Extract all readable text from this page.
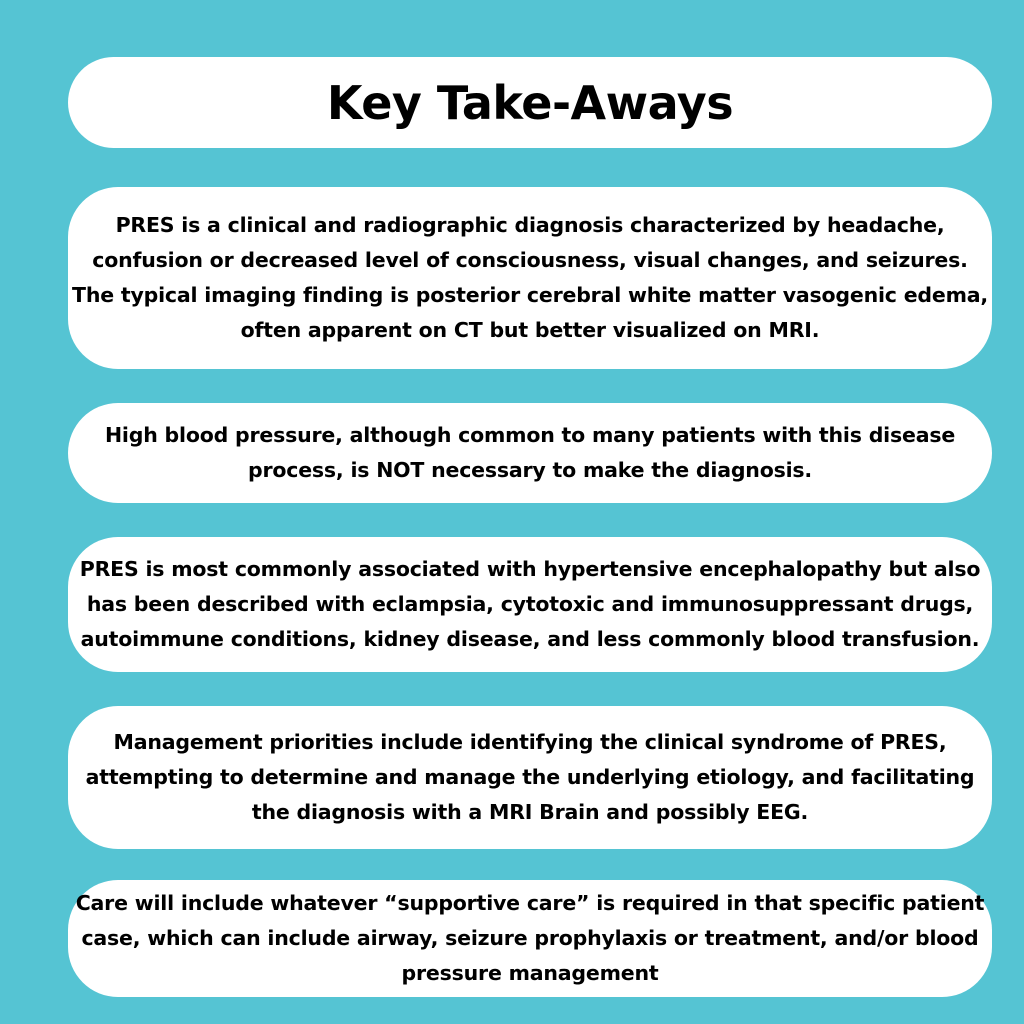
Key Take-Aways

PRES is a clinical and radiographic diagnosis characterized by headache, confusion or decreased level of consciousness, visual changes, and seizures. The typical imaging finding is posterior cerebral white matter vasogenic edema, often apparent on CT but better visualized on MRI.

High blood pressure, although common to many patients with this disease process, is NOT necessary to make the diagnosis.

PRES is most commonly associated with hypertensive encephalopathy but also has been described with eclampsia, cytotoxic and immunosuppressant drugs, autoimmune conditions, kidney disease, and less commonly blood transfusion.

Management priorities include identifying the clinical syndrome of PRES, attempting to determine and manage the underlying etiology, and facilitating the diagnosis with a MRI Brain and possibly EEG.

Care will include whatever “supportive care” is required in that specific patient case, which can include airway, seizure prophylaxis or treatment, and/or blood pressure management
